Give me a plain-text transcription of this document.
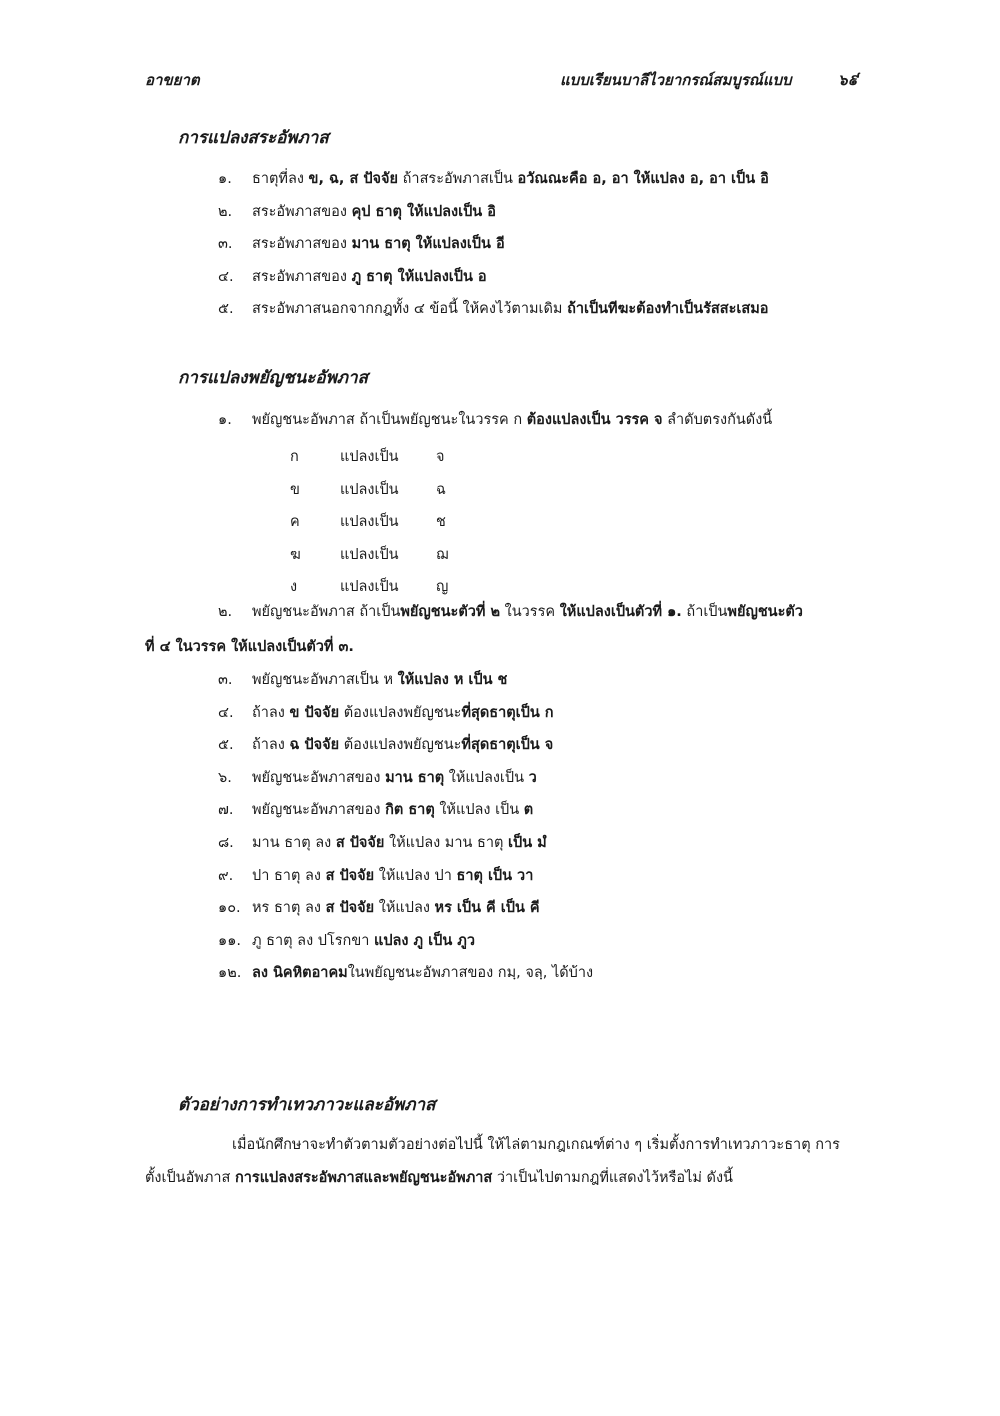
อาขยาต	แบบเรียนบาลีไวยากรณ์สมบูรณ์แบบ	๖៩
การแปลงสระอัพภาส
๑. ธาตุที่ลง ข, ฉ, ส ปัจจัย ถ้าสระอัพภาสเป็น อวัณณะคือ อ, อา ให้แปลง อ, อา เป็น อิ
๒. สระอัพภาสของ คุป ธาตุ ให้แปลงเป็น อิ
๓. สระอัพภาสของ มาน ธาตุ ให้แปลงเป็น อี
๔. สระอัพภาสของ ภู ธาตุ ให้แปลงเป็น อ
๕. สระอัพภาสนอกจากกฎทั้ง ๔ ข้อนี้ ให้คงไว้ตามเดิม ถ้าเป็นทีฆะต้องทำเป็นรัสสะเสมอ
การแปลงพยัญชนะอัพภาส
๑. พยัญชนะอัพภาส ถ้าเป็นพยัญชนะในวรรค ก ต้องแปลงเป็น วรรค จ ลำดับตรงกันดังนี้
ก	แปลงเป็น	จ
ข	แปลงเป็น	ฉ
ค	แปลงเป็น	ช
ฆ	แปลงเป็น	ฌ
ง	แปลงเป็น	ญ
๒. พยัญชนะอัพภาส ถ้าเป็นพยัญชนะตัวที่ ๒ ในวรรค ให้แปลงเป็นตัวที่ ๑. ถ้าเป็นพยัญชนะตัว
ที่ ๔ ในวรรค ให้แปลงเป็นตัวที่ ๓.
๓. พยัญชนะอัพภาสเป็น ห ให้แปลง ห เป็น ช
๔. ถ้าลง ข ปัจจัย ต้องแปลงพยัญชนะที่สุดธาตุเป็น ก
๕. ถ้าลง ฉ ปัจจัย ต้องแปลงพยัญชนะที่สุดธาตุเป็น จ
๖. พยัญชนะอัพภาสของ มาน ธาตุ ให้แปลงเป็น ว
๗. พยัญชนะอัพภาสของ กิต ธาตุ ให้แปลง เป็น ต
๘. มาน ธาตุ ลง ส ปัจจัย ให้แปลง มาน ธาตุ เป็น มํ
๙. ปา ธาตุ ลง ส ปัจจัย ให้แปลง ปา ธาตุ เป็น วา
๑๐. หร ธาตุ ลง ส ปัจจัย ให้แปลง หร เป็น คี เป็น คี
๑๑. ภู ธาตุ ลง ปโรกขา แปลง ภู เป็น ภูว
๑๒. ลง นิคหิตอาคมในพยัญชนะอัพภาสของ กมฺ, จลฺ, ได้บ้าง
ตัวอย่างการทำเทวภาวะและอัพภาส
เมื่อนักศึกษาจะทำตัวตามตัวอย่างต่อไปนี้ ให้ไล่ตามกฎเกณฑ์ต่าง ๆ เริ่มตั้งการทำเทวภาวะธาตุ การ
ตั้งเป็นอัพภาส การแปลงสระอัพภาสและพยัญชนะอัพภาส ว่าเป็นไปตามกฎที่แสดงไว้หรือไม่ ดังนี้
